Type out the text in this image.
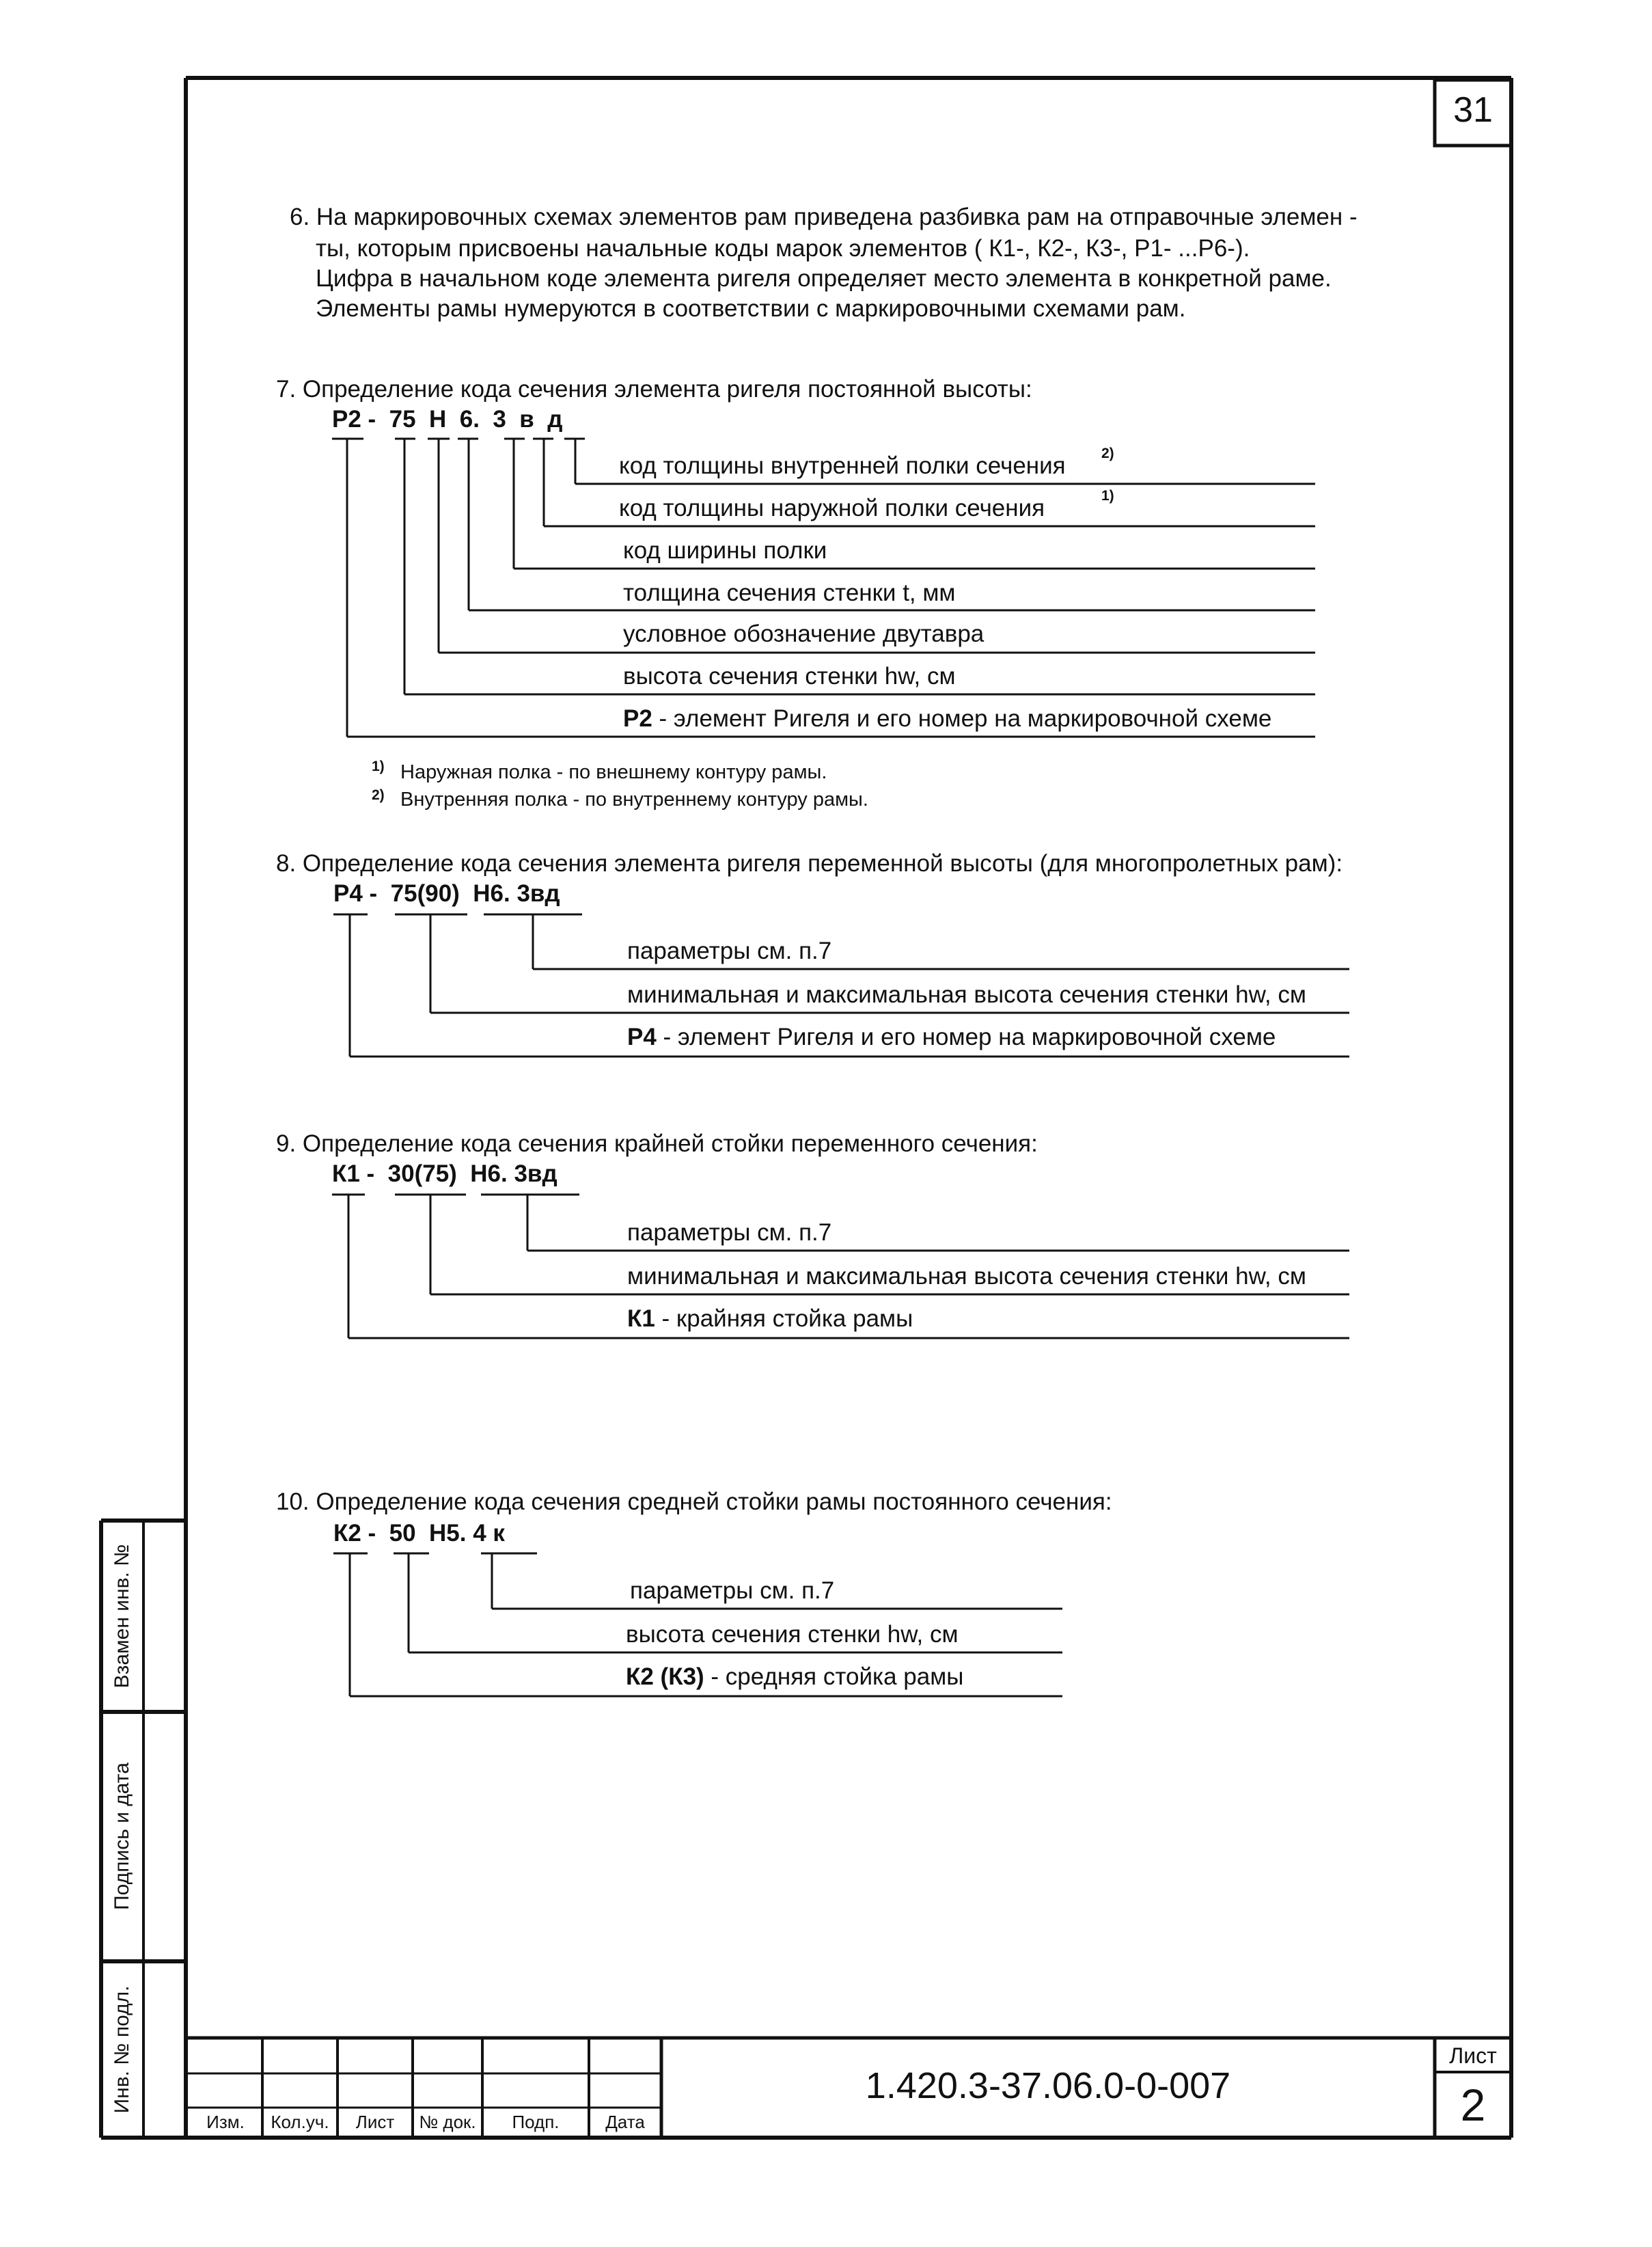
31
6. На маркировочных схемах элементов рам приведена разбивка рам на отправочные элемен -
ты, которым присвоены начальные коды марок элементов ( К1-, К2-, К3-, Р1- ...Р6-).
Цифра в начальном коде элемента ригеля определяет место элемента в конкретной раме.
Элементы рамы нумеруются в соответствии с маркировочными схемами рам.
7. Определение кода сечения элемента ригеля постоянной высоты:
Р2 -  75  Н  6.  3  в  д
код толщины внутренней полки сечения 2)
код толщины наружной полки сечения	1)
код ширины полки
толщина сечения стенки t, мм
условное обозначение двутавра
высота сечения стенки hw, см
Р2 - элемент Ригеля и его номер на маркировочной схеме
1) Наружная полка - по внешнему контуру рамы.
2) Внутренняя полка - по внутреннему контуру рамы.
8. Определение кода сечения элемента ригеля переменной высоты (для многопролетных рам):
Р4 -  75(90)  Н6. 3вд
параметры см. п.7
минимальная и максимальная высота сечения стенки hw, см
Р4 - элемент Ригеля и его номер на маркировочной схеме
9. Определение кода сечения крайней стойки переменного сечения:
К1 -  30(75)  Н6. 3вд
параметры см. п.7
минимальная и максимальная высота сечения стенки hw, см
К1 - крайняя стойка рамы
10. Определение кода сечения средней стойки рамы постоянного сечения:
К2 -  50  Н5. 4 к
параметры см. п.7
высота сечения стенки hw, см
К2 (К3) - средняя стойка рамы
Взамен инв. №
Подпись и дата
Инв. № подл.
Изм.	Кол.уч.	Лист	№ док.	Подп.	Дата
1.420.3-37.06.0-0-007
Лист
2
